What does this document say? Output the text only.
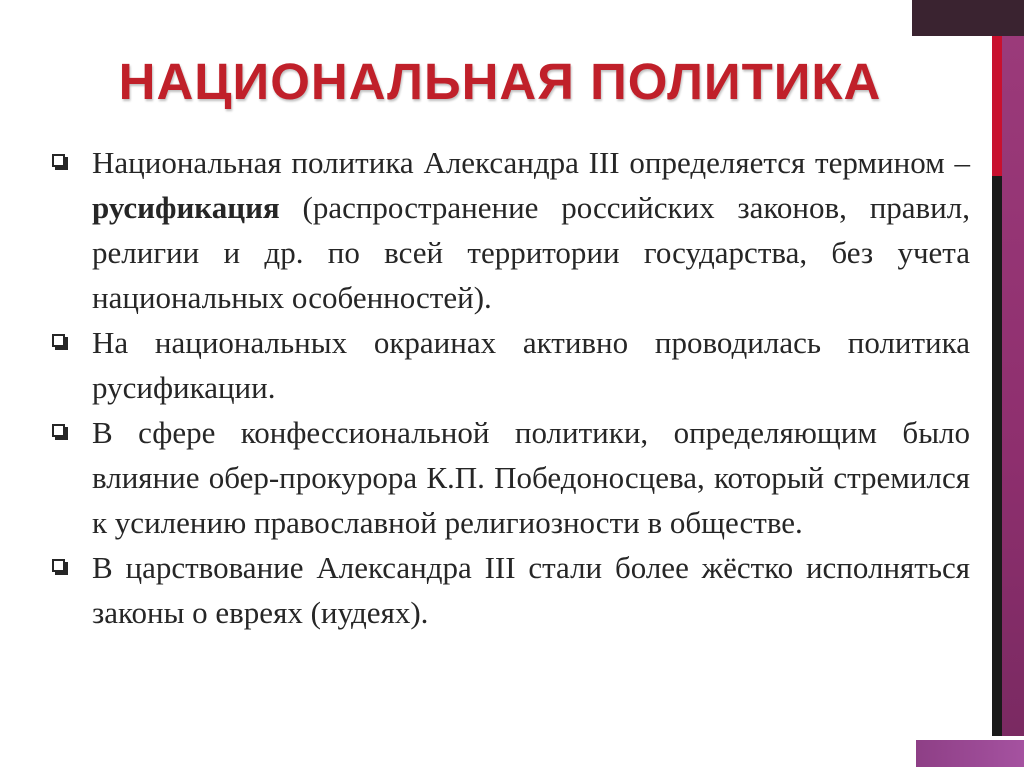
НАЦИОНАЛЬНАЯ ПОЛИТИКА
Национальная политика Александра III определяется термином – русификация (распространение российских законов, правил, религии и др. по всей территории государства, без учета национальных особенностей).
На национальных окраинах активно проводилась политика русификации.
В сфере конфессиональной политики, определяющим было влияние обер-прокурора К.П. Победоносцева, который стремился к усилению православной религиозности в обществе.
В царствование Александра III стали более жёстко исполняться законы о евреях (иудеях).
